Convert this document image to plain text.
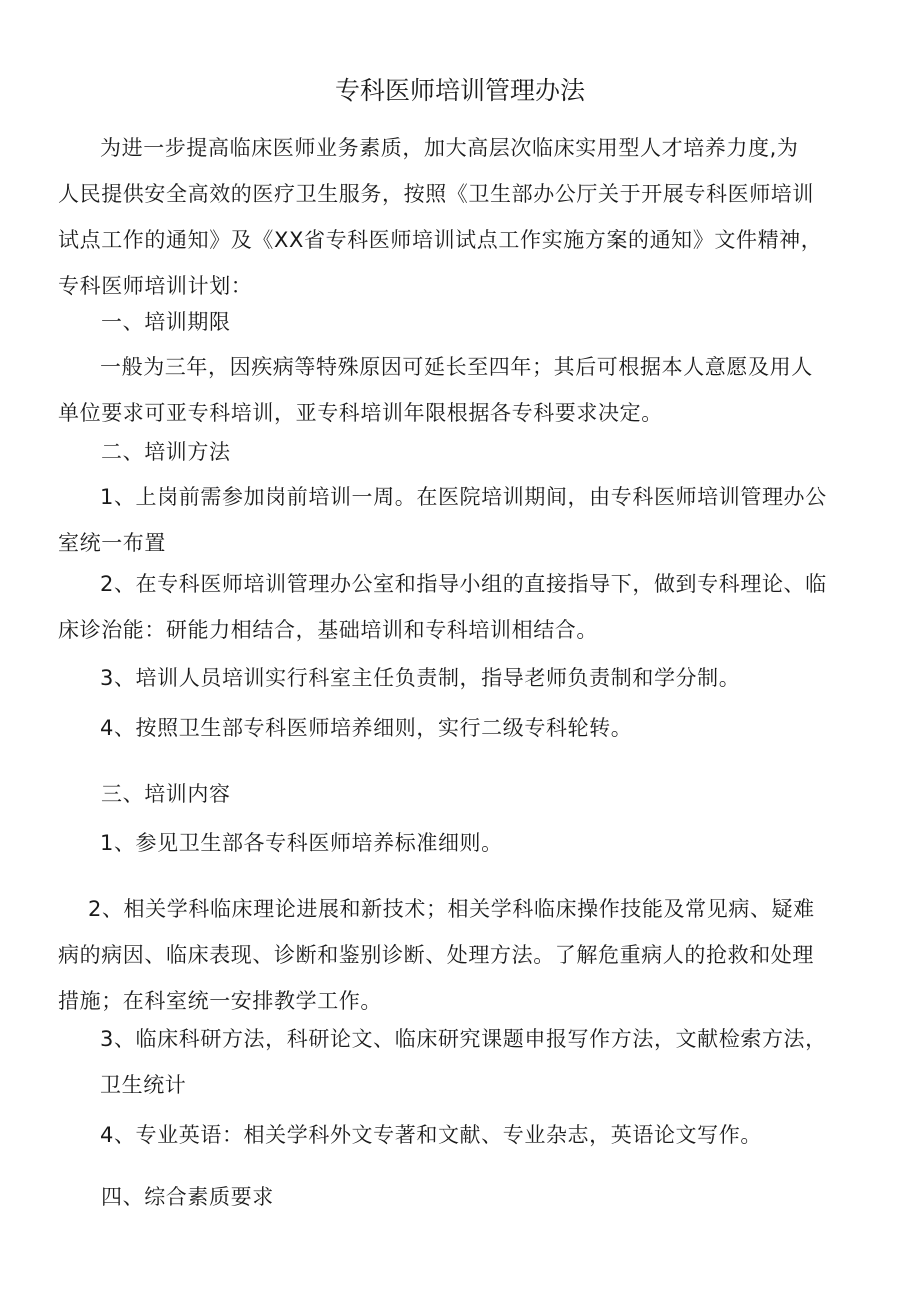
专科医师培训管理办法
为进一步提高临床医师业务素质，加大高层次临床实用型人才培养力度,为
人民提供安全高效的医疗卫生服务，按照《卫生部办公厅关于开展专科医师培训
试点工作的通知》及《XX省专科医师培训试点工作实施方案的通知》文件精神，
专科医师培训计划：
一、培训期限
一般为三年，因疾病等特殊原因可延长至四年；其后可根据本人意愿及用人
单位要求可亚专科培训，亚专科培训年限根据各专科要求决定。
二、培训方法
1、上岗前需参加岗前培训一周。在医院培训期间，由专科医师培训管理办公
室统一布置
2、在专科医师培训管理办公室和指导小组的直接指导下，做到专科理论、临
床诊治能：研能力相结合，基础培训和专科培训相结合。
3、培训人员培训实行科室主任负责制，指导老师负责制和学分制。
4、按照卫生部专科医师培养细则，实行二级专科轮转。
三、培训内容
1、参见卫生部各专科医师培养标准细则。
2、相关学科临床理论进展和新技术；相关学科临床操作技能及常见病、疑难
病的病因、临床表现、诊断和鉴别诊断、处理方法。了解危重病人的抢救和处理
措施；在科室统一安排教学工作。
3、临床科研方法，科研论文、临床研究课题申报写作方法，文献检索方法，
卫生统计
4、专业英语：相关学科外文专著和文献、专业杂志，英语论文写作。
四、综合素质要求
